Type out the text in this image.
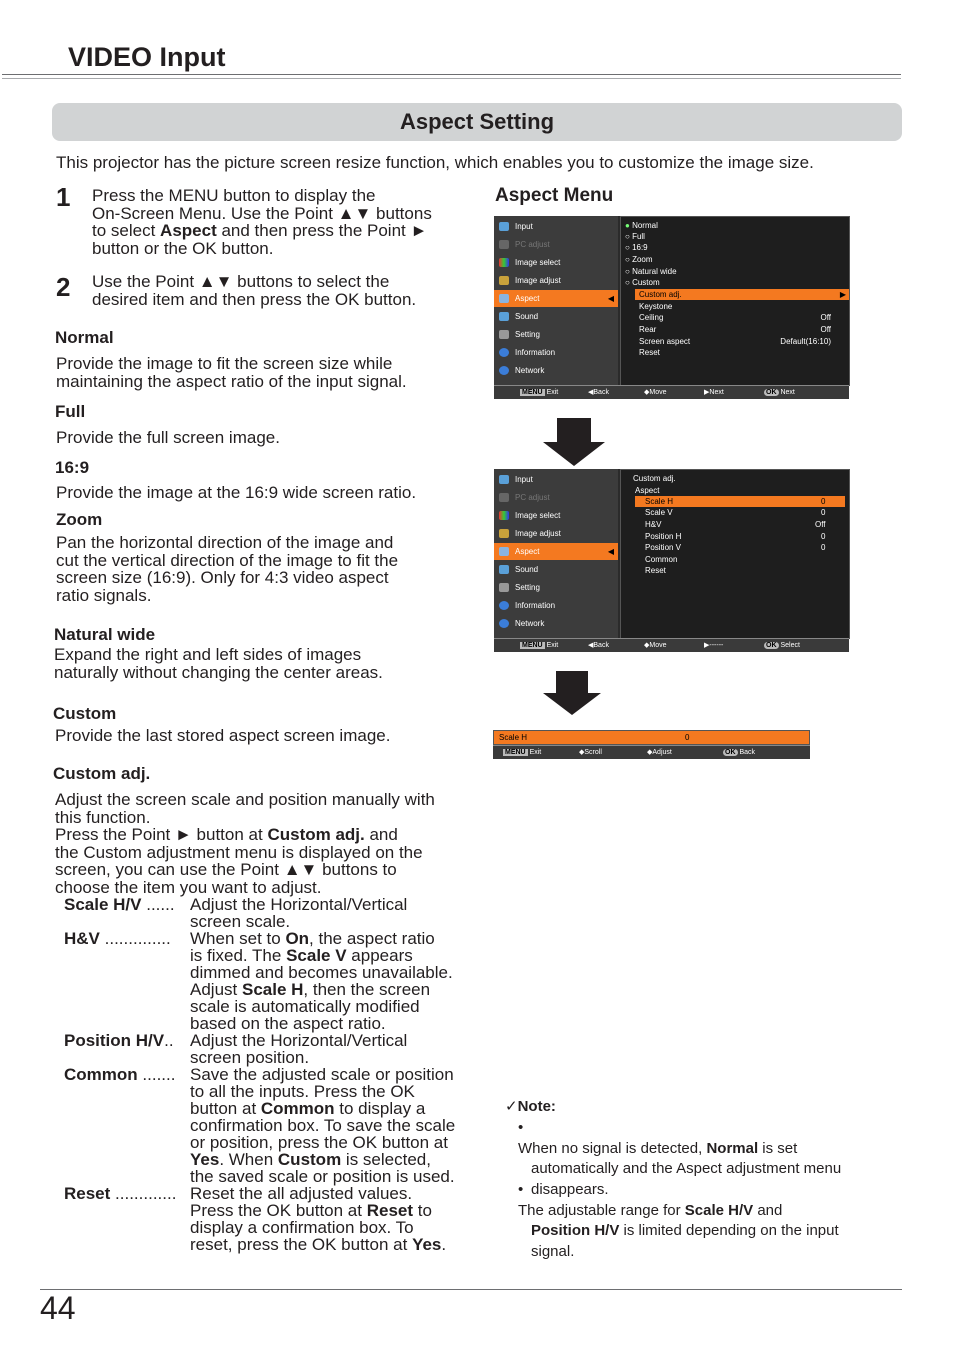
VIDEO Input
Aspect Setting
This projector has the picture screen resize function, which enables you to customize the image size.
1 Press the MENU button to display the
On-Screen Menu. Use the Point ▲▼ buttons
to select Aspect and then press the Point ►
button or the OK button.
2 Use the Point ▲▼ buttons to select the
desired item and then press the OK button.
Normal
Provide the image to fit the screen size while
maintaining the aspect ratio of the input signal.
Full
Provide the full screen image.
16:9
Provide the image at the 16:9 wide screen ratio.
Zoom
Pan the horizontal direction of the image and
cut the vertical direction of the image to fit the
screen size (16:9). Only for 4:3 video aspect
ratio signals.
Natural wide
Expand the right and left sides of images
naturally without changing the center areas.
Custom
Provide the last stored aspect screen image.
Custom adj.
Adjust the screen scale and position manually with
this function.
Press the Point ► button at Custom adj. and
the Custom adjustment menu is displayed on the
screen, you can use the Point ▲▼ buttons to
choose the item you want to adjust.
Scale H/V ...... Adjust the Horizontal/Vertical
screen scale.
H&V .............. When set to On, the aspect ratio
is fixed. The Scale V appears
dimmed and becomes unavailable.
Adjust Scale H, then the screen
scale is automatically modified
based on the aspect ratio.
Position H/V.. Adjust the Horizontal/Vertical
screen position.
Common ....... Save the adjusted scale or position
to all the inputs. Press the OK
button at Common to display a
confirmation box. To save the scale
or position, press the OK button at
Yes. When Custom is selected,
the saved scale or position is used.
Reset ............. Reset the all adjusted values.
Press the OK button at Reset to
display a confirmation box. To
reset, press the OK button at Yes.
Aspect Menu
Input
PC adjust
Image select
Image adjust
Aspect	◀
Sound
Setting
Information
Network
● Normal
○ Full
○ 16:9
○ Zoom
○ Natural wide
○ Custom
Custom adj.	▶
Keystone
Ceiling	Off
Rear	Off
Screen aspect	Default(16:10)
Reset
MENU Exit	◀Back	◆Move	▶Next	OK Next
Input
PC adjust
Image select
Image adjust
Aspect	◀
Sound
Setting
Information
Network
Custom adj.
Aspect
Scale H	0
Scale V	0
H&V	Off
Position H	0
Position V	0
Common
Reset
MENU Exit	◀Back	◆Move	▶------	OK Select
Scale H	0
MENU Exit	◆Scroll	◆Adjust	OK Back
✓Note:
•
When no signal is detected, Normal is set
automatically and the Aspect adjustment menu
disappears.
•
The adjustable range for Scale H/V and
Position H/V is limited depending on the input
signal.
44
